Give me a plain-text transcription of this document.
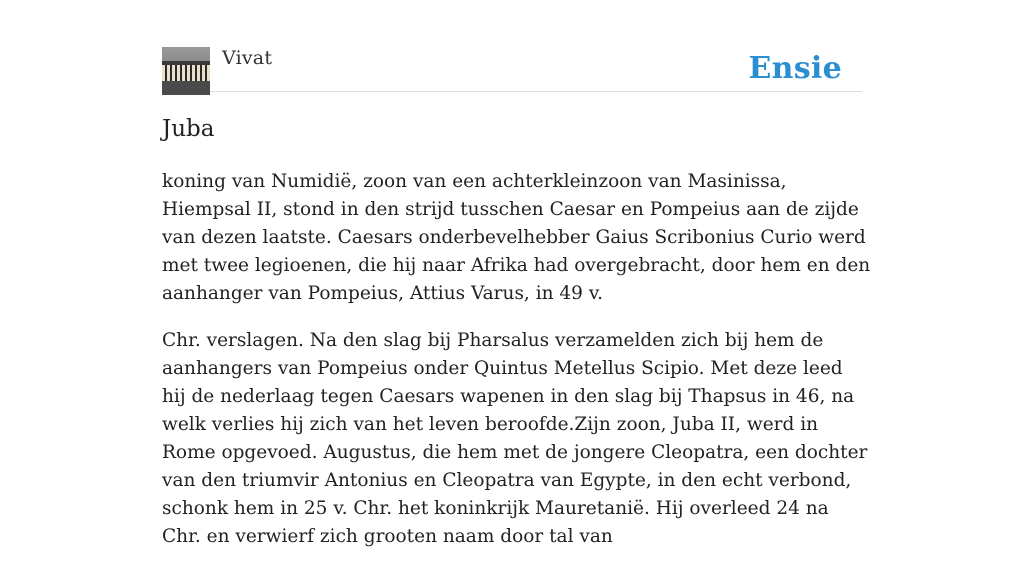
Vivat	Ensie
Juba

koning van Numidië, zoon van een achterkleinzoon van Masinissa, Hiempsal II, stond in den strijd tusschen Caesar en Pompeius aan de zijde van dezen laatste. Caesars onderbevelhebber Gaius Scribonius Curio werd met twee legioenen, die hij naar Afrika had overgebracht, door hem en den aanhanger van Pompeius, Attius Varus, in 49 v.

Chr. verslagen. Na den slag bij Pharsalus verzamelden zich bij hem de aanhangers van Pompeius onder Quintus Metellus Scipio. Met deze leed hij de nederlaag tegen Caesars wapenen in den slag bij Thapsus in 46, na welk verlies hij zich van het leven beroofde.Zijn zoon, Juba II, werd in Rome opgevoed. Augustus, die hem met de jongere Cleopatra, een dochter van den triumvir Antonius en Cleopatra van Egypte, in den echt verbond, schonk hem in 25 v. Chr. het koninkrijk Mauretanië. Hij overleed 24 na Chr. en verwierf zich grooten naam door tal van
